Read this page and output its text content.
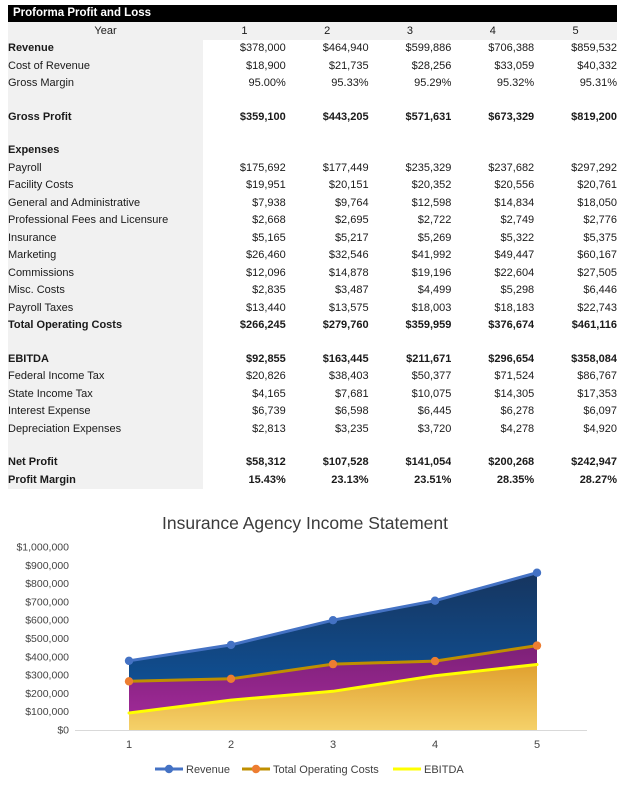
Proforma Profit and Loss
Year	1	2	3	4	5
Revenue	$378,000	$464,940	$599,886	$706,388	$859,532
Cost of Revenue	$18,900	$21,735	$28,256	$33,059	$40,332
Gross Margin	95.00%	95.33%	95.29%	95.32%	95.31%

Gross Profit	$359,100	$443,205	$571,631	$673,329	$819,200

Expenses					
Payroll	$175,692	$177,449	$235,329	$237,682	$297,292
Facility Costs	$19,951	$20,151	$20,352	$20,556	$20,761
General and Administrative	$7,938	$9,764	$12,598	$14,834	$18,050
Professional Fees and Licensure	$2,668	$2,695	$2,722	$2,749	$2,776
Insurance	$5,165	$5,217	$5,269	$5,322	$5,375
Marketing	$26,460	$32,546	$41,992	$49,447	$60,167
Commissions	$12,096	$14,878	$19,196	$22,604	$27,505
Misc. Costs	$2,835	$3,487	$4,499	$5,298	$6,446
Payroll Taxes	$13,440	$13,575	$18,003	$18,183	$22,743
Total Operating Costs	$266,245	$279,760	$359,959	$376,674	$461,116

EBITDA	$92,855	$163,445	$211,671	$296,654	$358,084
Federal Income Tax	$20,826	$38,403	$50,377	$71,524	$86,767
State Income Tax	$4,165	$7,681	$10,075	$14,305	$17,353
Interest Expense	$6,739	$6,598	$6,445	$6,278	$6,097
Depreciation Expenses	$2,813	$3,235	$3,720	$4,278	$4,920

Net Profit	$58,312	$107,528	$141,054	$200,268	$242,947
Profit Margin	15.43%	23.13%	23.51%	28.35%	28.27%
Insurance Agency Income Statement
$1,000,000
$900,000
$800,000
$700,000
$600,000
$500,000
$400,000
$300,000
$200,000
$100,000
$0
1	2	3	4	5
Revenue	Total Operating Costs	EBITDA
